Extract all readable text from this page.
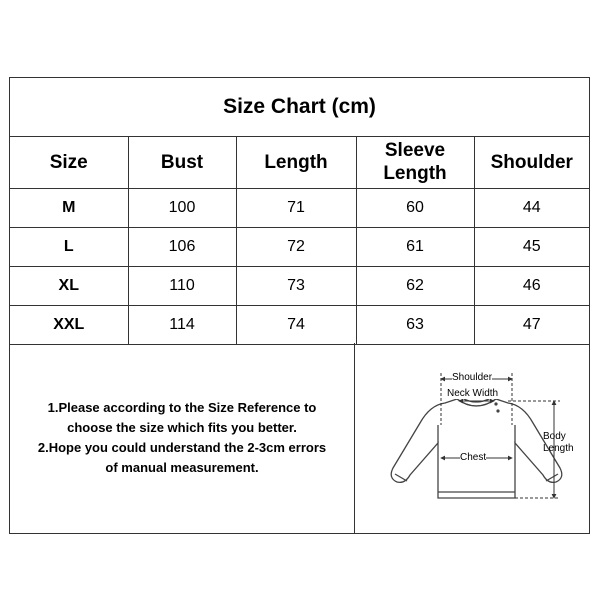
Size Chart (cm)
Size	Bust	Length	Sleeve Length	Shoulder
M	100	71	60	44
L	106	72	61	45
XL	110	73	62	46
XXL	114	74	63	47
1.Please according to the Size Reference to
choose the size which fits you better.
2.Hope you could understand the 2-3cm errors
of manual measurement.
Shoulder
Neck Width
Chest
Body
Length
